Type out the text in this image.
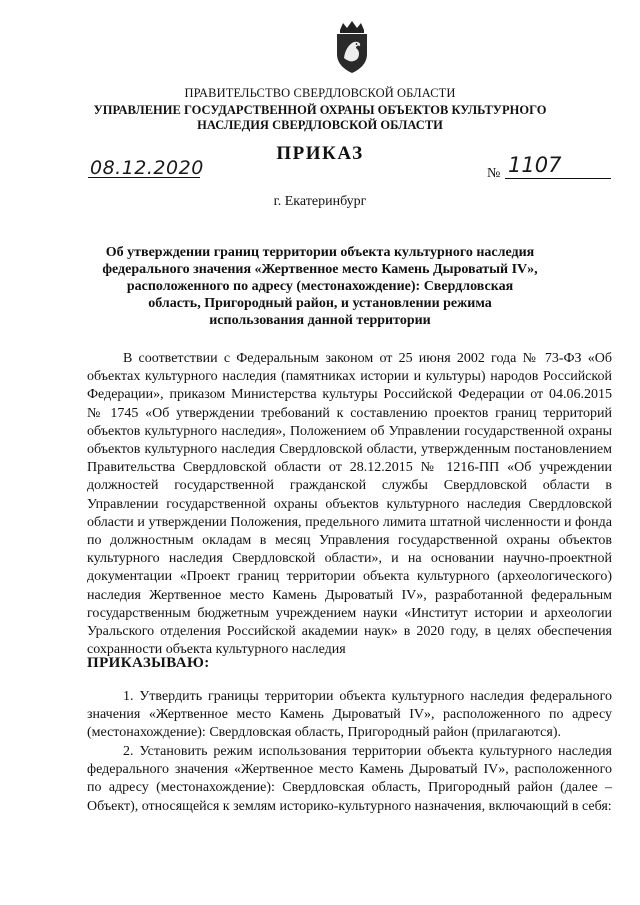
ПРАВИТЕЛЬСТВО СВЕРДЛОВСКОЙ ОБЛАСТИ
УПРАВЛЕНИЕ ГОСУДАРСТВЕННОЙ ОХРАНЫ ОБЪЕКТОВ КУЛЬТУРНОГО НАСЛЕДИЯ СВЕРДЛОВСКОЙ ОБЛАСТИ
ПРИКАЗ
08.12.2020	№ 1107
г. Екатеринбург
Об утверждении границ территории объекта культурного наследия федерального значения «Жертвенное место Камень Дыроватый IV», расположенного по адресу (местонахождение): Свердловская область, Пригородный район, и установлении режима использования данной территории
В соответствии с Федеральным законом от 25 июня 2002 года № 73-ФЗ «Об объектах культурного наследия (памятниках истории и культуры) народов Российской Федерации», приказом Министерства культуры Российской Федерации от 04.06.2015 № 1745 «Об утверждении требований к составлению проектов границ территорий объектов культурного наследия», Положением об Управлении государственной охраны объектов культурного наследия Свердловской области, утвержденным постановлением Правительства Свердловской области от 28.12.2015 № 1216-ПП «Об учреждении должностей государственной гражданской службы Свердловской области в Управлении государственной охраны объектов культурного наследия Свердловской области и утверждении Положения, предельного лимита штатной численности и фонда по должностным окладам в месяц Управления государственной охраны объектов культурного наследия Свердловской области», и на основании научно-проектной документации «Проект границ территории объекта культурного (археологического) наследия Жертвенное место Камень Дыроватый IV», разработанной федеральным государственным бюджетным учреждением науки «Институт истории и археологии Уральского отделения Российской академии наук» в 2020 году, в целях обеспечения сохранности объекта культурного наследия
ПРИКАЗЫВАЮ:
1. Утвердить границы территории объекта культурного наследия федерального значения «Жертвенное место Камень Дыроватый IV», расположенного по адресу (местонахождение): Свердловская область, Пригородный район (прилагаются).
2. Установить режим использования территории объекта культурного наследия федерального значения «Жертвенное место Камень Дыроватый IV», расположенного по адресу (местонахождение): Свердловская область, Пригородный район (далее – Объект), относящейся к землям историко-культурного назначения, включающий в себя:
